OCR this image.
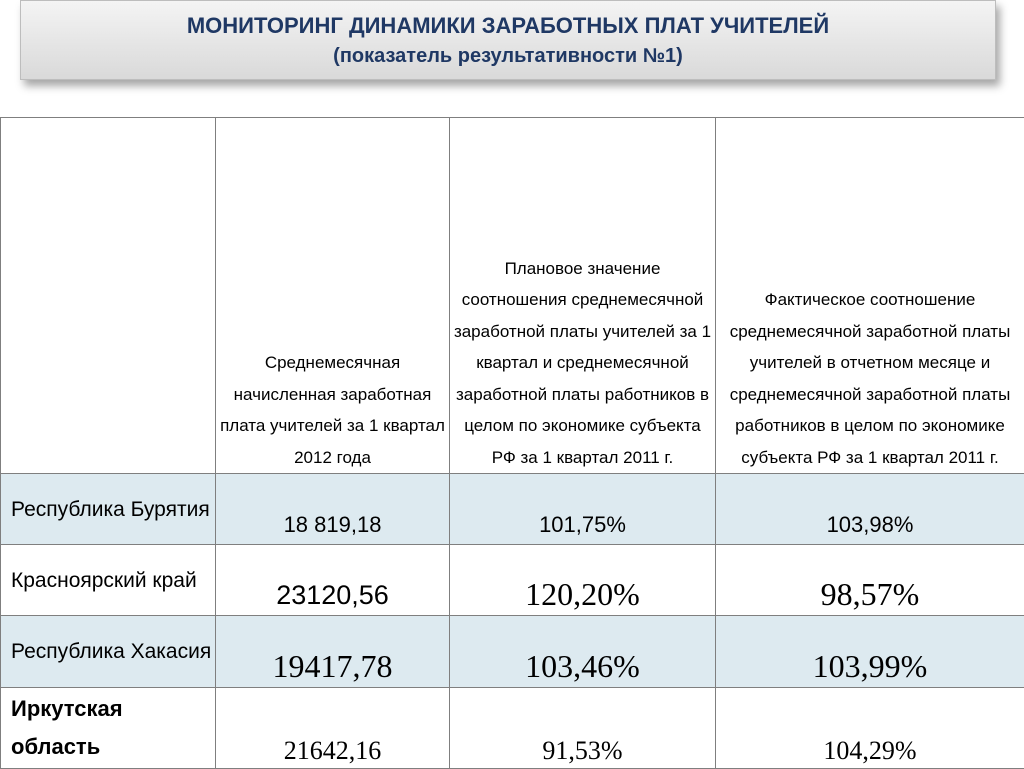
МОНИТОРИНГ ДИНАМИКИ ЗАРАБОТНЫХ ПЛАТ УЧИТЕЛЕЙ
(показатель результативности №1)
	Среднемесячная начисленная заработная плата учителей за 1 квартал 2012 года	Плановое значение соотношения среднемесячной заработной платы учителей за 1 квартал и среднемесячной заработной платы работников в целом по экономике субъекта РФ за 1 квартал 2011 г.	Фактическое соотношение среднемесячной заработной платы учителей в отчетном месяце и среднемесячной заработной платы работников в целом по экономике субъекта РФ за 1 квартал 2011 г.
Республика Бурятия	18 819,18	101,75%	103,98%
Красноярский край	23120,56	120,20%	98,57%
Республика Хакасия	19417,78	103,46%	103,99%
Иркутская область	21642,16	91,53%	104,29%
